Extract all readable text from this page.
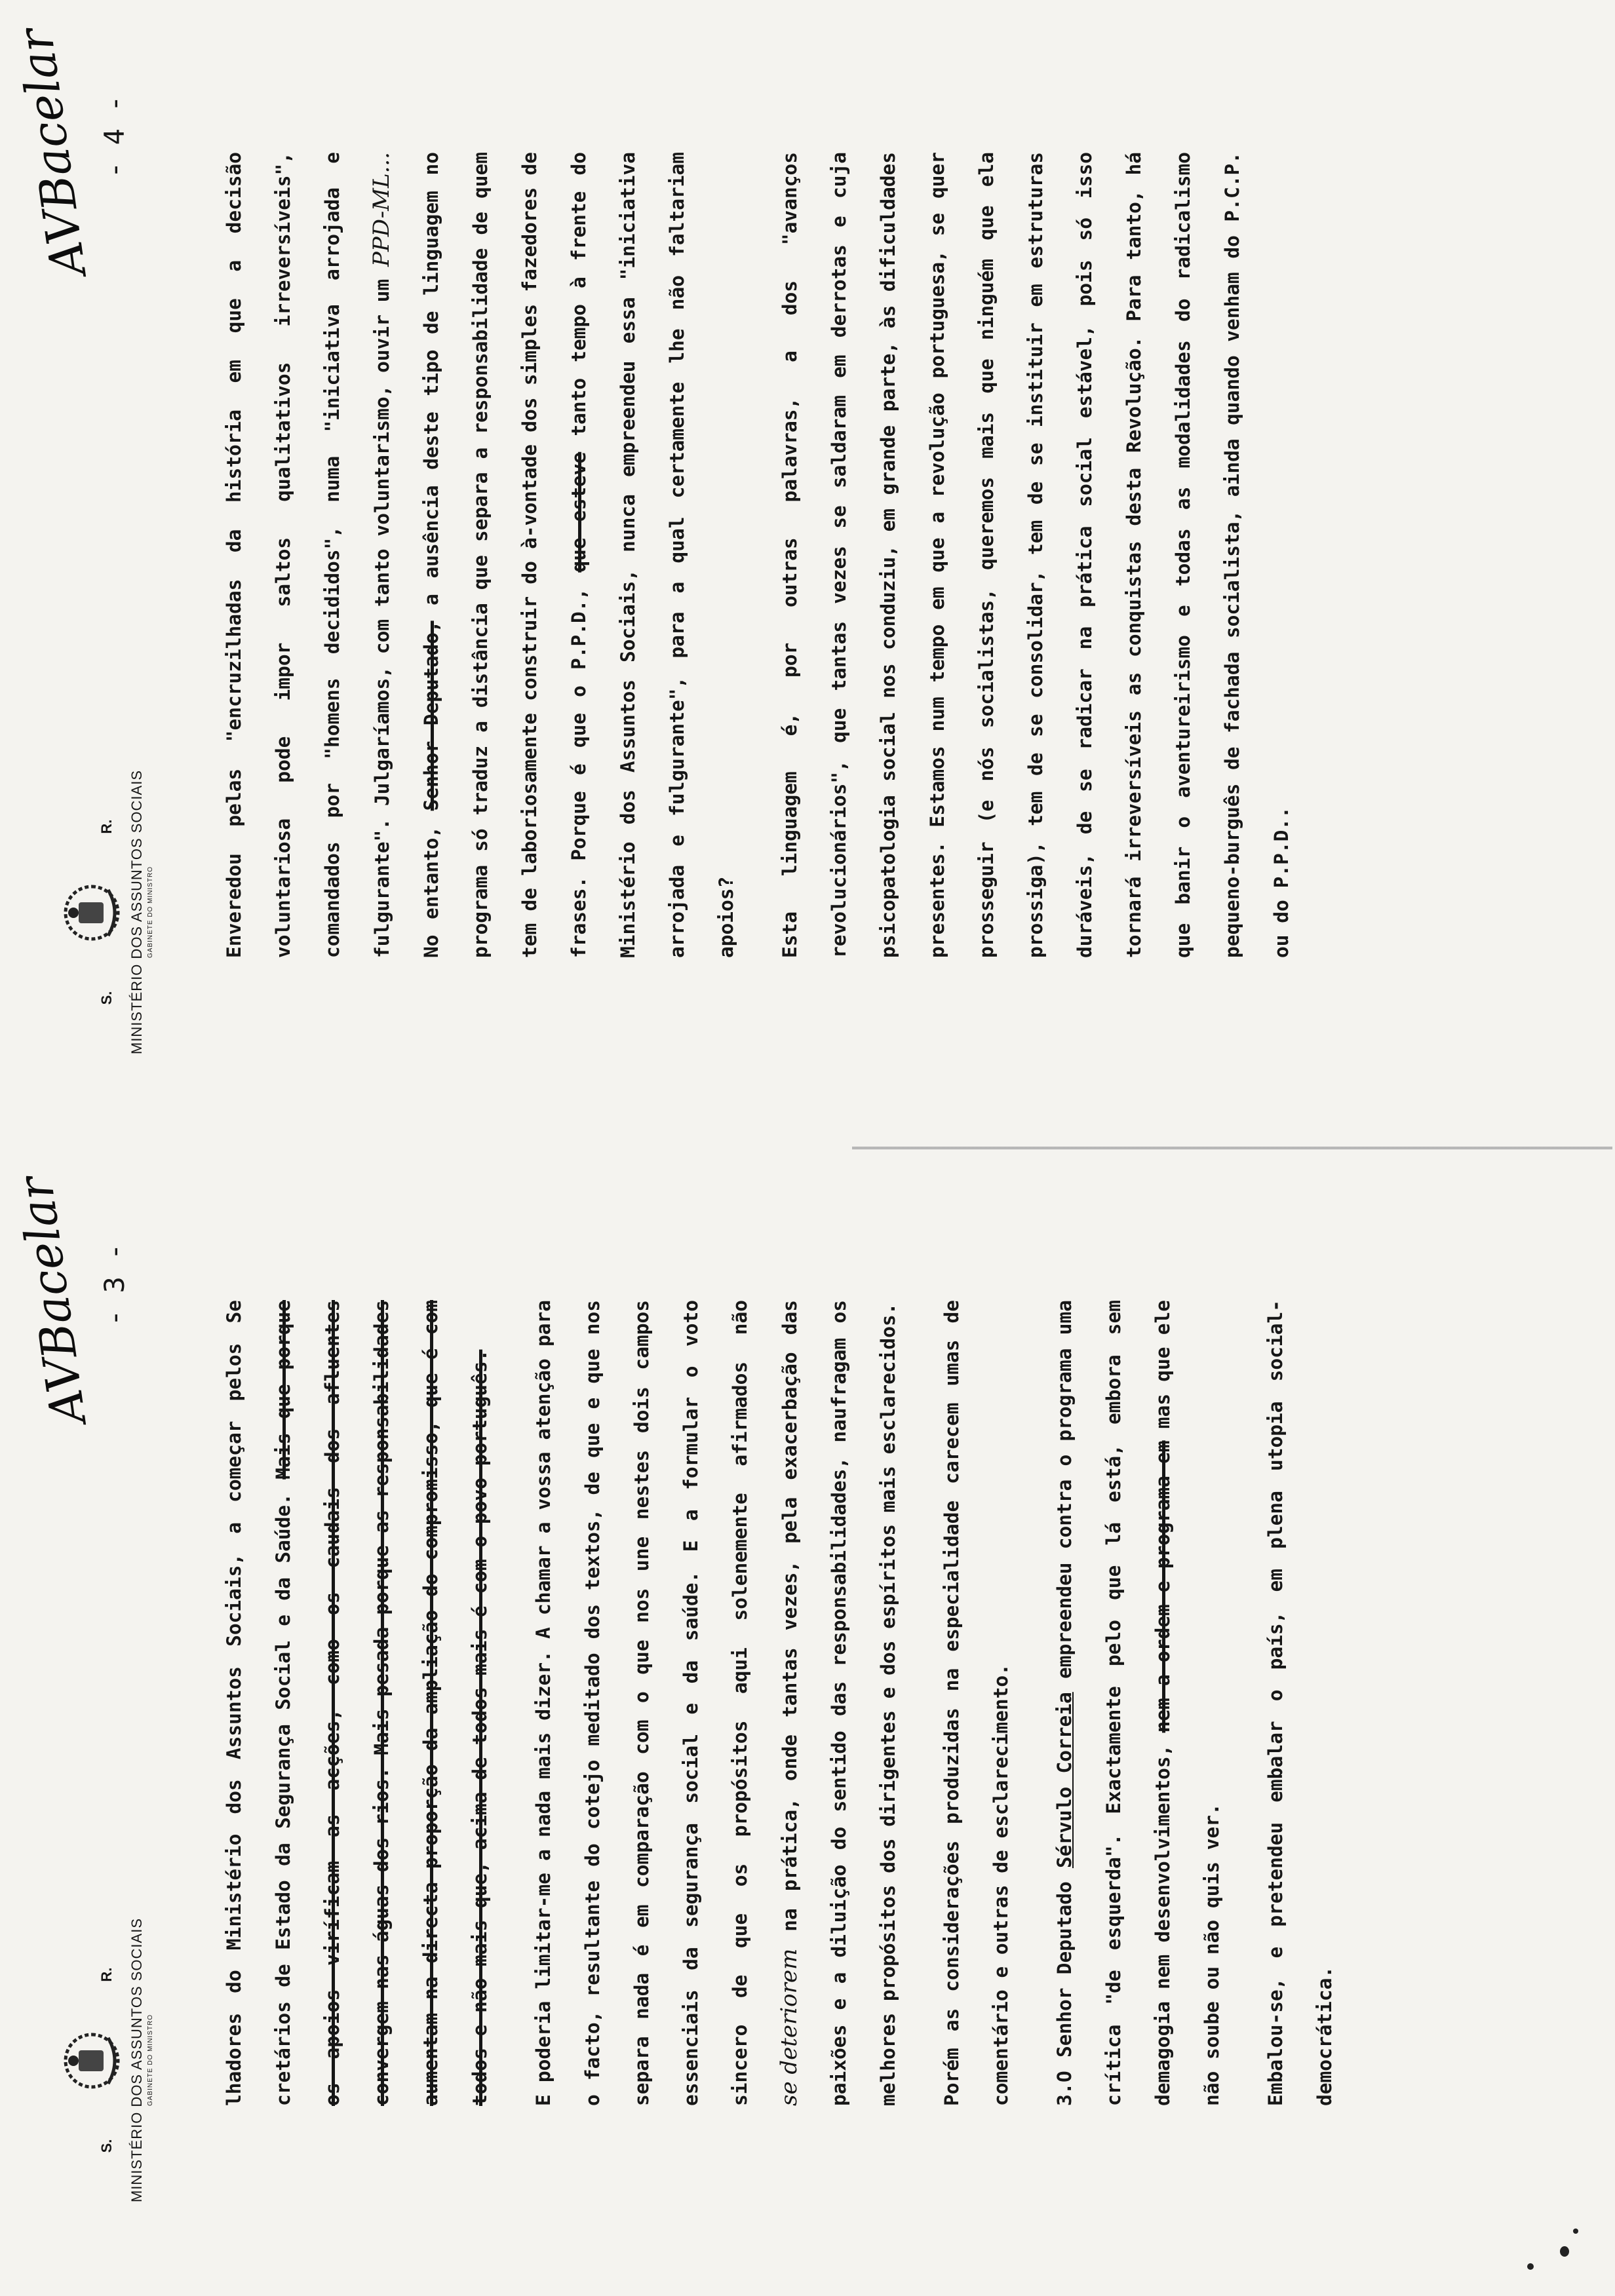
S.
R. MINISTÉRIO DOS ASSUNTOS SOCIAIS GABINETE DO MINISTRO
AVBacelar - 3 -

lhadores do Ministério dos Assuntos Sociais, a começar pelos Se cretários de Estado da Segurança Social e da Saúde. Mais que porque os apoios viríficam as acções, como os caudais dos afluentes convergem nas águas dos rios. Mais pesada porque as responsabilidades aumentam na directa proporção da ampliação do compromisso, que é com todos e não mais que, acima de todos mais é com o povo português.	E poderia limitar-me a nada mais dizer. A chamar a vossa atenção para o facto, resultante do cotejo meditado dos textos, de que e que nos separa nada é em comparação com o que nos une nestes dois campos essenciais da segurança social e da saúde. E a formular o voto sincero de que os propósitos aqui solenemente afirmados não se deteriorem na prática, onde tantas vezes, pela exacerbação das paixões e a diluição do sentido das responsabilidades, naufragam os melhores propósitos dos dirigentes e dos espíritos mais esclarecidos.	Porém as considerações produzidas na especialidade carecem umas de comentário e outras de esclarecimento.	3.O Senhor Deputado Sérvulo Correia empreendeu contra o programa uma crítica "de esquerda". Exactamente pelo que lá está, embora sem demagogia nem desenvolvimentos, nem a ordem e programa em mas que ele não soube ou não quis ver.	Embalou-se, e pretendeu embalar o país, em plena utopia social-democrática.

S.
R. MINISTÉRIO DOS ASSUNTOS SOCIAIS GABINETE DO MINISTRO
AVBacelar - 4 -

Enveredou pelas "encruzilhadas da história em que a decisão voluntariosa pode impor saltos qualitativos irreversíveis", comandados por "homens decididos", numa "iniciativa arrojada e fulgurante". Julgaríamos, com tanto voluntarismo, ouvir um PPD-ML... No entanto, Senhor Deputado, a ausência deste tipo de linguagem no programa só traduz a distância que separa a responsabilidade de quem tem de laboriosamente construir do à-vontade dos simples fazedores de frases. Porque é que o P.P.D., que esteve tanto tempo à frente do Ministério dos Assuntos Sociais, nunca empreendeu essa "iniciativa arrojada e fulgurante", para a qual certamente lhe não faltariam apoios?	Esta linguagem é, por outras palavras, a dos "avanços revolucionários", que tantas vezes se saldaram em derrotas e cuja psicopatologia social nos conduziu, em grande parte, às dificuldades presentes. Estamos num tempo em que a revolução portuguesa, se quer prosseguir (e nós socialistas, queremos mais que ninguém que ela prossiga), tem de se consolidar, tem de se instituir em estruturas duráveis, de se radicar na prática social estável, pois só isso tornará irreversíveis as conquistas desta Revolução. Para tanto, há que banir o aventureirismo e todas as modalidades do radicalismo pequeno-burguês de fachada socialista, ainda quando venham do P.C.P. ou do P.P.D..
